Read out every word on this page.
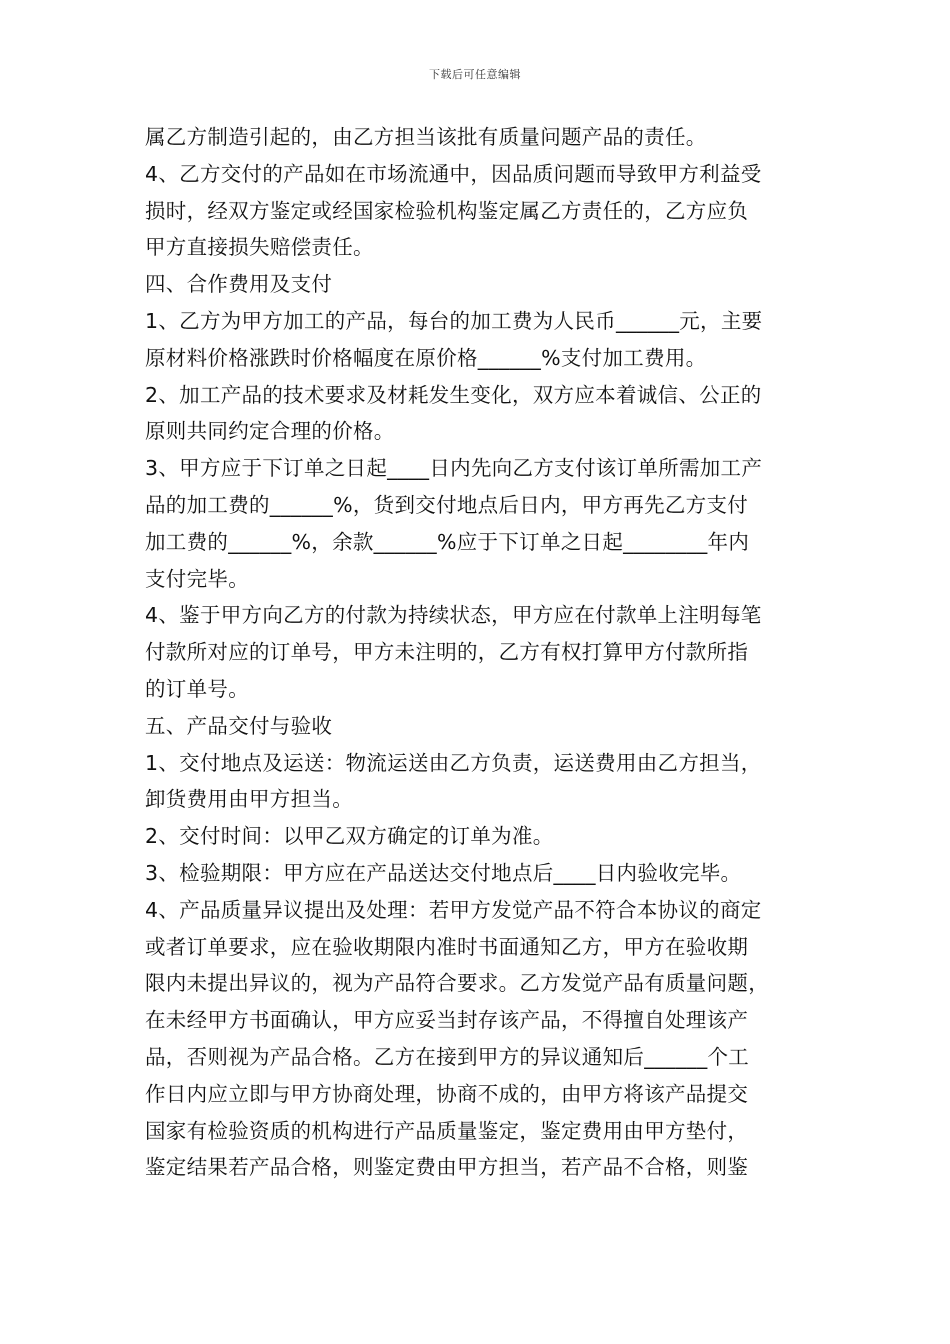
下载后可任意编辑
属乙方制造引起的，由乙方担当该批有质量问题产品的责任。
4、乙方交付的产品如在市场流通中，因品质问题而导致甲方利益受
损时，经双方鉴定或经国家检验机构鉴定属乙方责任的，乙方应负
甲方直接损失赔偿责任。
四、合作费用及支付
1、乙方为甲方加工的产品，每台的加工费为人民币______元，主要
原材料价格涨跌时价格幅度在原价格______%支付加工费用。
2、加工产品的技术要求及材耗发生变化，双方应本着诚信、公正的
原则共同约定合理的价格。
3、甲方应于下订单之日起____日内先向乙方支付该订单所需加工产
品的加工费的______%，货到交付地点后日内，甲方再先乙方支付
加工费的______%，余款______%应于下订单之日起________年内
支付完毕。
4、鉴于甲方向乙方的付款为持续状态，甲方应在付款单上注明每笔
付款所对应的订单号，甲方未注明的，乙方有权打算甲方付款所指
的订单号。
五、产品交付与验收
1、交付地点及运送：物流运送由乙方负责，运送费用由乙方担当，
卸货费用由甲方担当。
2、交付时间：以甲乙双方确定的订单为准。
3、检验期限：甲方应在产品送达交付地点后____日内验收完毕。
4、产品质量异议提出及处理：若甲方发觉产品不符合本协议的商定
或者订单要求，应在验收期限内准时书面通知乙方，甲方在验收期
限内未提出异议的，视为产品符合要求。乙方发觉产品有质量问题，
在未经甲方书面确认，甲方应妥当封存该产品，不得擅自处理该产
品，否则视为产品合格。乙方在接到甲方的异议通知后______个工
作日内应立即与甲方协商处理，协商不成的，由甲方将该产品提交
国家有检验资质的机构进行产品质量鉴定，鉴定费用由甲方垫付，
鉴定结果若产品合格，则鉴定费由甲方担当，若产品不合格，则鉴
